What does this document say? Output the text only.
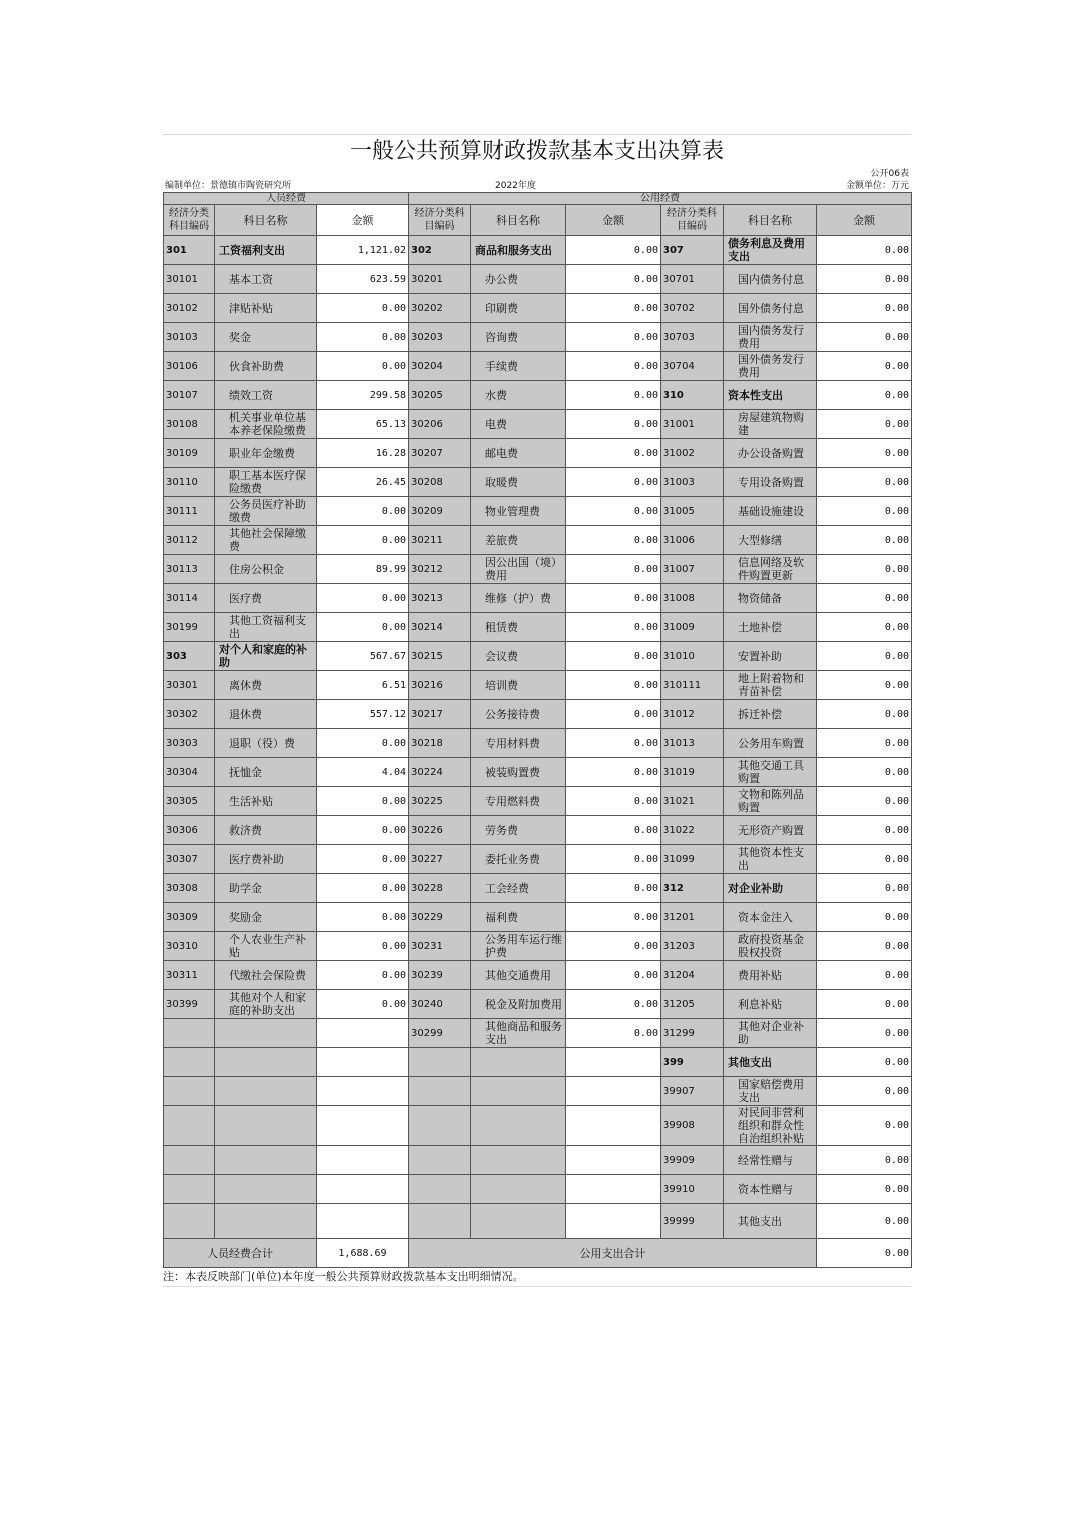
一般公共预算财政拨款基本支出决算表
公开06表
编制单位：景德镇市陶瓷研究所	2022年度	金额单位：万元
人员经费			公用经费					
经济分类科目编码	科目名称	金额	经济分类科目编码	科目名称	金额	经济分类科目编码	科目名称	金额
301	工资福利支出	1,121.02	302	商品和服务支出	0.00	307	债务利息及费用支出	0.00
30101	基本工资	623.59	30201	办公费	0.00	30701	国内债务付息	0.00
30102	津贴补贴	0.00	30202	印刷费	0.00	30702	国外债务付息	0.00
30103	奖金	0.00	30203	咨询费	0.00	30703	国内债务发行费用	0.00
30106	伙食补助费	0.00	30204	手续费	0.00	30704	国外债务发行费用	0.00
30107	绩效工资	299.58	30205	水费	0.00	310	资本性支出	0.00
30108	机关事业单位基本养老保险缴费	65.13	30206	电费	0.00	31001	房屋建筑物购建	0.00
30109	职业年金缴费	16.28	30207	邮电费	0.00	31002	办公设备购置	0.00
30110	职工基本医疗保险缴费	26.45	30208	取暖费	0.00	31003	专用设备购置	0.00
30111	公务员医疗补助缴费	0.00	30209	物业管理费	0.00	31005	基础设施建设	0.00
30112	其他社会保障缴费	0.00	30211	差旅费	0.00	31006	大型修缮	0.00
30113	住房公积金	89.99	30212	因公出国（境）费用	0.00	31007	信息网络及软件购置更新	0.00
30114	医疗费	0.00	30213	维修（护）费	0.00	31008	物资储备	0.00
30199	其他工资福利支出	0.00	30214	租赁费	0.00	31009	土地补偿	0.00
303	对个人和家庭的补助	567.67	30215	会议费	0.00	31010	安置补助	0.00
30301	离休费	6.51	30216	培训费	0.00	310111	地上附着物和青苗补偿	0.00
30302	退休费	557.12	30217	公务接待费	0.00	31012	拆迁补偿	0.00
30303	退职（役）费	0.00	30218	专用材料费	0.00	31013	公务用车购置	0.00
30304	抚恤金	4.04	30224	被装购置费	0.00	31019	其他交通工具购置	0.00
30305	生活补贴	0.00	30225	专用燃料费	0.00	31021	文物和陈列品购置	0.00
30306	救济费	0.00	30226	劳务费	0.00	31022	无形资产购置	0.00
30307	医疗费补助	0.00	30227	委托业务费	0.00	31099	其他资本性支出	0.00
30308	助学金	0.00	30228	工会经费	0.00	312	对企业补助	0.00
30309	奖励金	0.00	30229	福利费	0.00	31201	资本金注入	0.00
30310	个人农业生产补贴	0.00	30231	公务用车运行维护费	0.00	31203	政府投资基金股权投资	0.00
30311	代缴社会保险费	0.00	30239	其他交通费用	0.00	31204	费用补贴	0.00
30399	其他对个人和家庭的补助支出	0.00	30240	税金及附加费用	0.00	31205	利息补贴	0.00
			30299	其他商品和服务支出	0.00	31299	其他对企业补助	0.00
						399	其他支出	0.00
						39907	国家赔偿费用支出	0.00
						39908	对民间非营利组织和群众性自治组织补贴	0.00
						39909	经常性赠与	0.00
						39910	资本性赠与	0.00
						39999	其他支出	0.00
人员经费合计		1,688.69	公用支出合计					0.00
注：本表反映部门(单位)本年度一般公共预算财政拨款基本支出明细情况。
